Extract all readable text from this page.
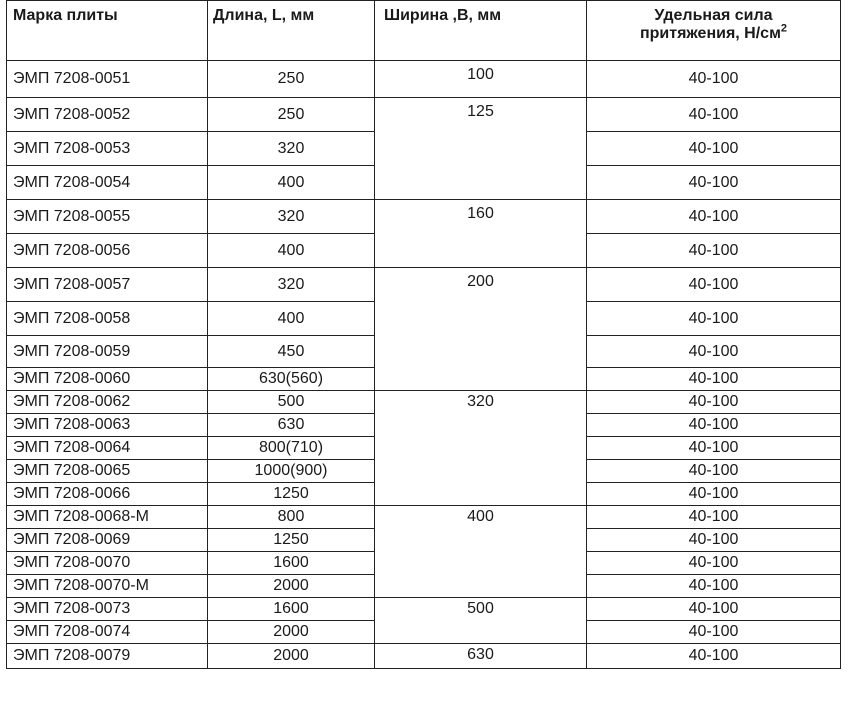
Марка плиты	Длина, L, мм	Ширина ,B, мм	Удельная сила
притяжения, $Н/см^2$
ЭМП 7208-0051	250	100	40-100
ЭМП 7208-0052	250	125	40-100
ЭМП 7208-0053	320		40-100
ЭМП 7208-0054	400		40-100
ЭМП 7208-0055	320	160	40-100
ЭМП 7208-0056	400		40-100
ЭМП 7208-0057	320	200	40-100
ЭМП 7208-0058	400		40-100
ЭМП 7208-0059	450		40-100
ЭМП 7208-0060	630(560)		40-100
ЭМП 7208-0062	500	320	40-100
ЭМП 7208-0063	630		40-100
ЭМП 7208-0064	800(710)		40-100
ЭМП 7208-0065	1000(900)		40-100
ЭМП 7208-0066	1250		40-100
ЭМП 7208-0068-М	800	400	40-100
ЭМП 7208-0069	1250		40-100
ЭМП 7208-0070	1600		40-100
ЭМП 7208-0070-М	2000		40-100
ЭМП 7208-0073	1600	500	40-100
ЭМП 7208-0074	2000		40-100
ЭМП 7208-0079	2000	630	40-100
